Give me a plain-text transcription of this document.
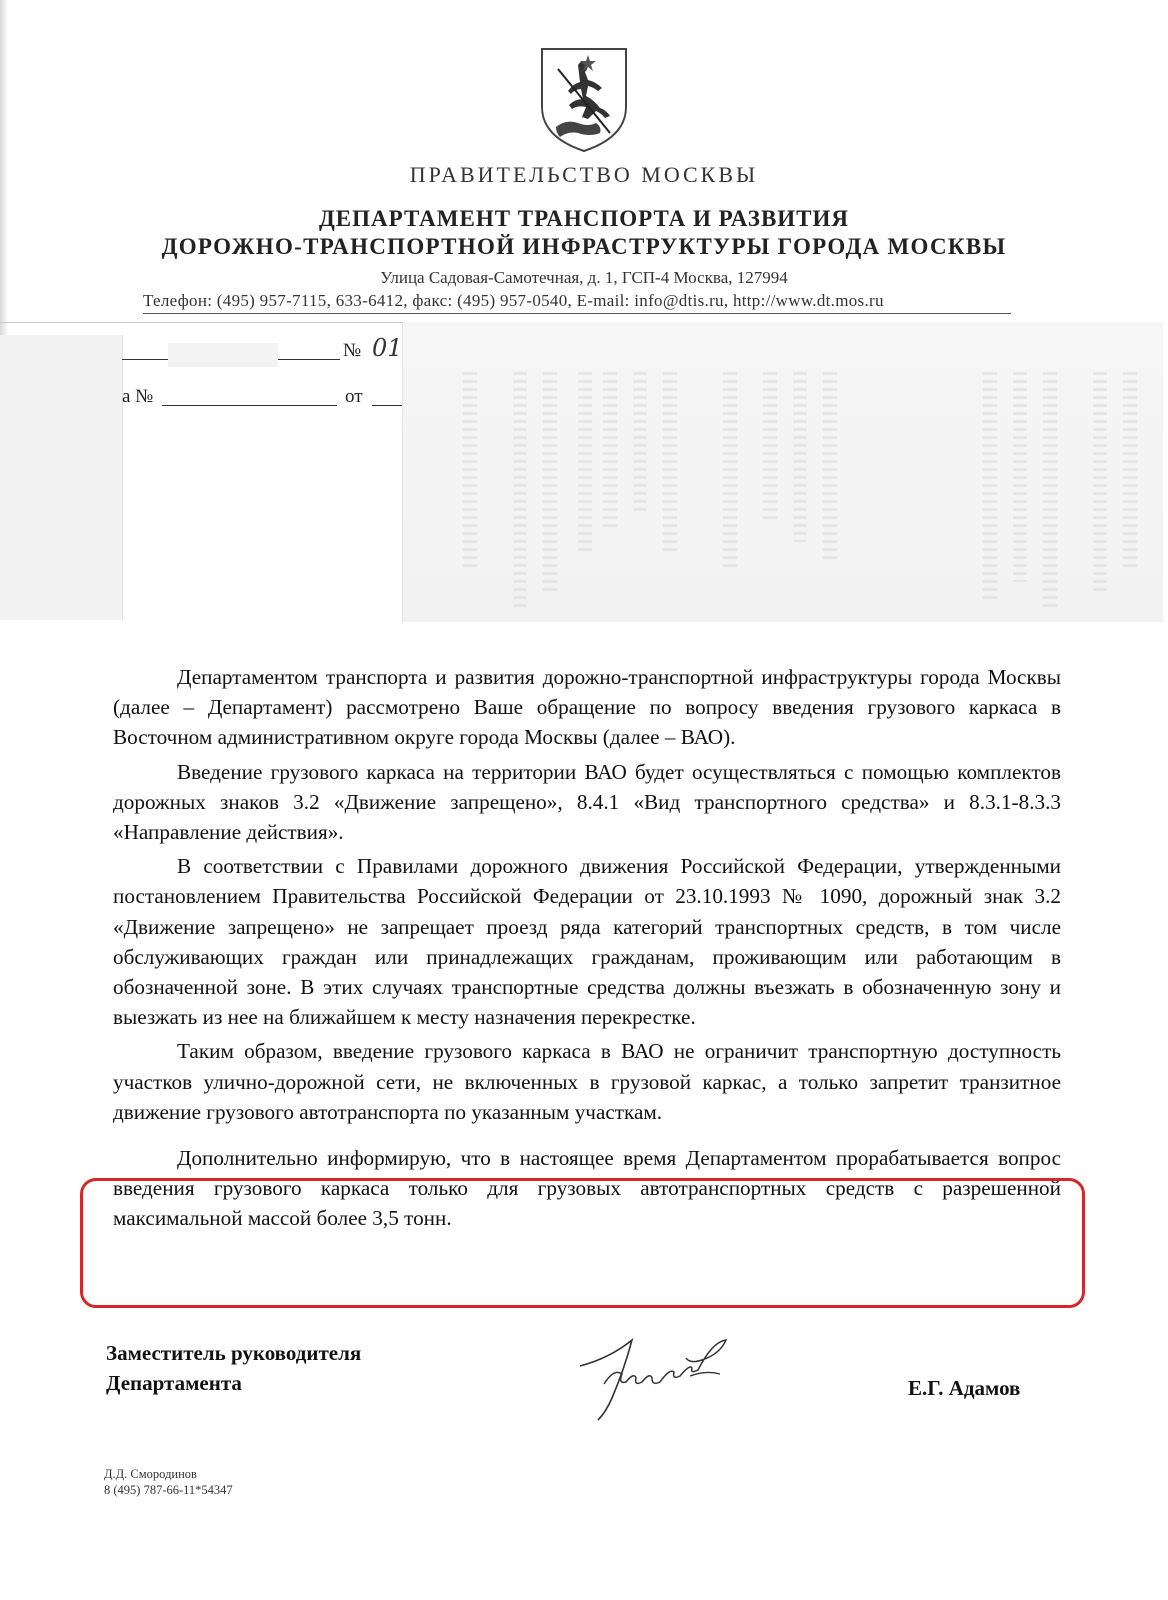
ПРАВИТЕЛЬСТВО МОСКВЫ
ДЕПАРТАМЕНТ ТРАНСПОРТА И РАЗВИТИЯ
ДОРОЖНО-ТРАНСПОРТНОЙ ИНФРАСТРУКТУРЫ ГОРОДА МОСКВЫ
Улица Садовая-Самотечная, д. 1, ГСП-4 Москва, 127994
Телефон: (495) 957-7115, 633-6412, факс: (495) 957-0540, E-mail: info@dtis.ru, http://www.dt.mos.ru
№ 01
а №	от

Департаментом транспорта и развития дорожно-транспортной инфраструктуры города Москвы (далее – Департамент) рассмотрено Ваше обращение по вопросу введения грузового каркаса в Восточном административном округе города Москвы (далее – ВАО).

Введение грузового каркаса на территории ВАО будет осуществляться с помощью комплектов дорожных знаков 3.2 «Движение запрещено», 8.4.1 «Вид транспортного средства» и 8.3.1-8.3.3 «Направление действия».

В соответствии с Правилами дорожного движения Российской Федерации, утвержденными постановлением Правительства Российской Федерации от 23.10.1993 № 1090, дорожный знак 3.2 «Движение запрещено» не запрещает проезд ряда категорий транспортных средств, в том числе обслуживающих граждан или принадлежащих гражданам, проживающим или работающим в обозначенной зоне. В этих случаях транспортные средства должны въезжать в обозначенную зону и выезжать из нее на ближайшем к месту назначения перекрестке.

Таким образом, введение грузового каркаса в ВАО не ограничит транспортную доступность участков улично-дорожной сети, не включенных в грузовой каркас, а только запретит транзитное движение грузового автотранспорта по указанным участкам.

Дополнительно информирую, что в настоящее время Департаментом прорабатывается вопрос введения грузового каркаса только для грузовых автотранспортных средств с разрешенной максимальной массой более 3,5 тонн.

Заместитель руководителя
Департамента	Е.Г. Адамов
Д.Д. Смородинов
8 (495) 787-66-11*54347
